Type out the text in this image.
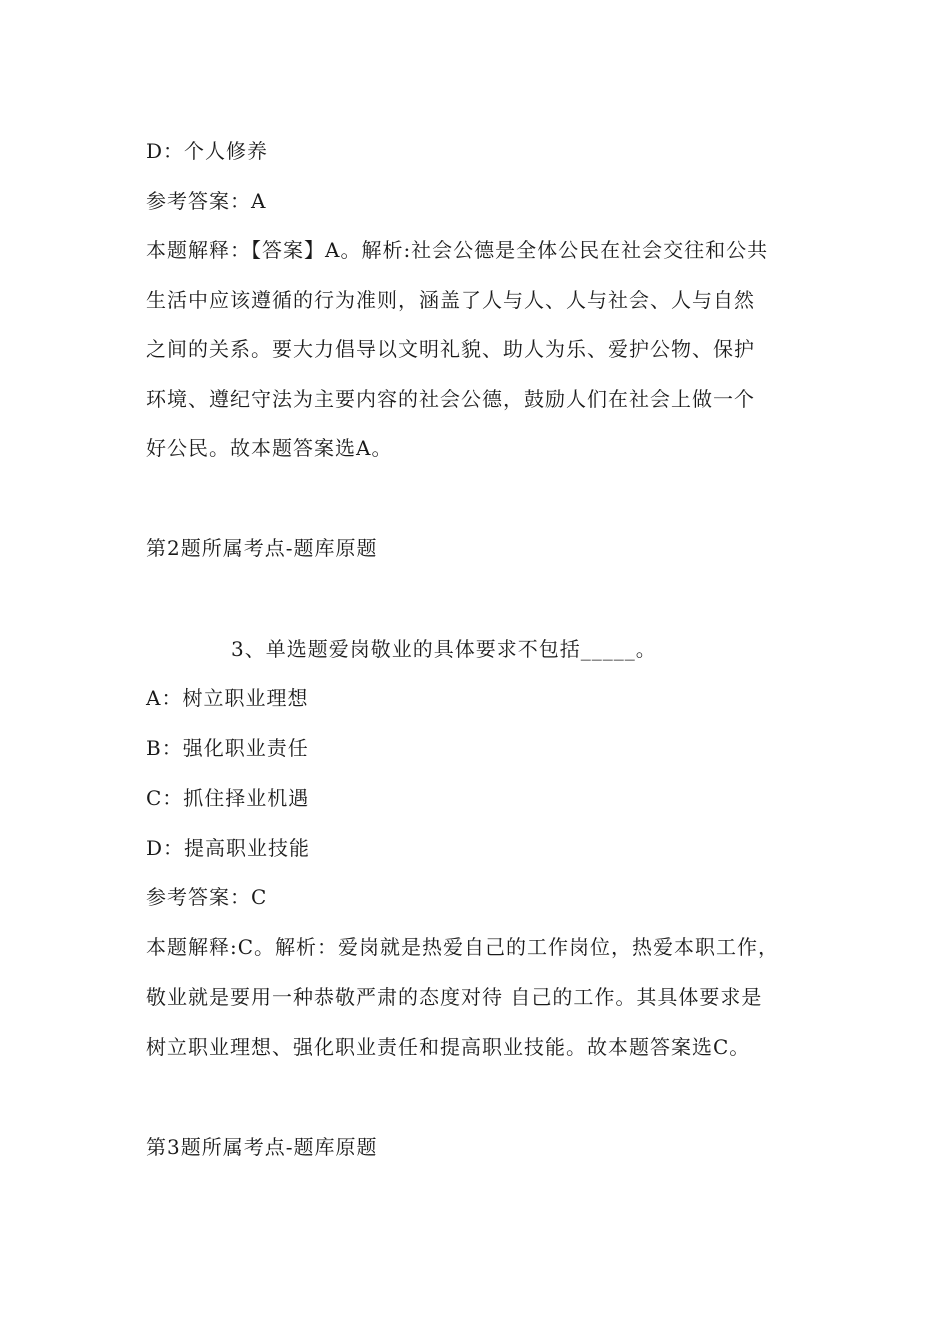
D：个人修养
参考答案：A
本题解释：【答案】A。解析:社会公德是全体公民在社会交往和公共
生活中应该遵循的行为准则，涵盖了人与人、人与社会、人与自然
之间的关系。要大力倡导以文明礼貌、助人为乐、爱护公物、保护
环境、遵纪守法为主要内容的社会公德，鼓励人们在社会上做一个
好公民。故本题答案选A。
第2题所属考点-题库原题
3、单选题爱岗敬业的具体要求不包括_____。
A：树立职业理想
B：强化职业责任
C：抓住择业机遇
D：提高职业技能
参考答案：C
本题解释:C。解析：爱岗就是热爱自己的工作岗位，热爱本职工作，
敬业就是要用一种恭敬严肃的态度对待 自己的工作。其具体要求是
树立职业理想、强化职业责任和提高职业技能。故本题答案选C。
第3题所属考点-题库原题
